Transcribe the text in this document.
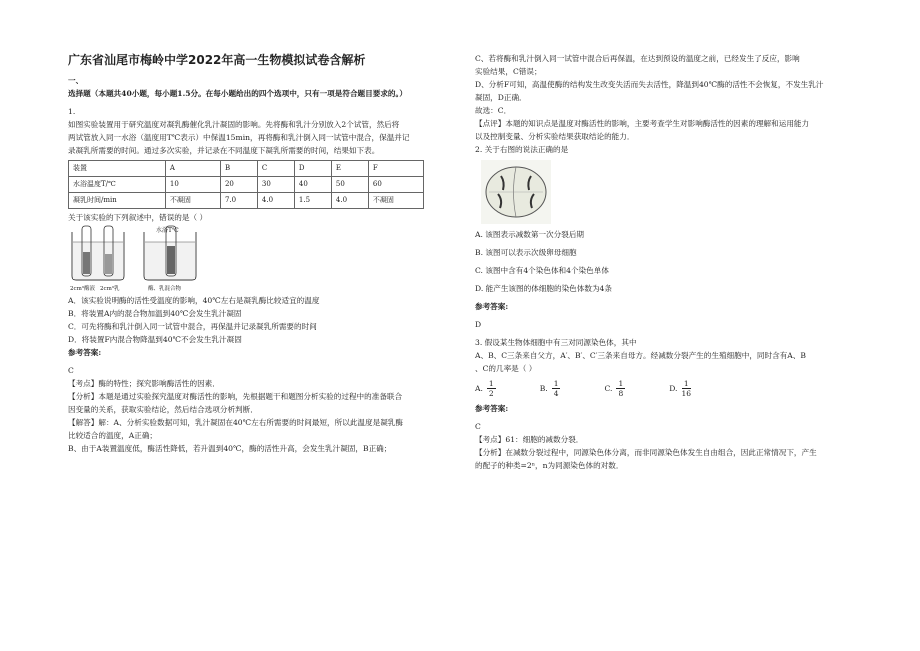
广东省汕尾市梅岭中学2022年高一生物模拟试卷含解析

一、

选择题（本题共40小题，每小题1.5分。在每小题给出的四个选项中，只有一项是符合题目要求的。）

1.

如图实验装置用于研究温度对凝乳酶催化乳汁凝固的影响。先将酶和乳汁分别放入2个试管，然后将

两试管放入同一水浴（温度用T℃表示）中保温15min，再将酶和乳汁倒入同一试管中混合，保温并记

录凝乳所需要的时间。通过多次实验，并记录在不同温度下凝乳所需要的时间，结果如下表。

装置	A	B	C	D	E	F
水浴温度T/℃	10	20	30	40	50	60
凝乳时间/min	不凝固	7.0	4.0	1.5	4.0	不凝固

关于该实验的下列叙述中，错误的是（ ）

水浴T℃
2cm³酶液 2cm³乳	酶、乳混合物

A．该实验说明酶的活性受温度的影响，40℃左右是凝乳酶比较适宜的温度

B．将装置A内的混合物加温到40℃会发生乳汁凝固

C．可先将酶和乳汁倒入同一试管中混合，再保温并记录凝乳所需要的时间

D．将装置F内混合物降温到40℃不会发生乳汁凝固

参考答案:

C

【考点】酶的特性；探究影响酶活性的因素．

【分析】本题是通过实验探究温度对酶活性的影响，先根据题干和题图分析实验的过程中的准备联合

因变量的关系，获取实验结论，然后结合选项分析判断．

【解答】解：A、分析实验数据可知，乳汁凝固在40℃左右所需要的时间最短，所以此温度是凝乳酶

比较适合的温度，A正确；

B、由于A装置温度低，酶活性降低，若升温到40℃，酶的活性升高，会发生乳汁凝固，B正确；

C、若将酶和乳汁倒入同一试管中混合后再保温，在达到预设的温度之前，已经发生了反应，影响

实验结果，C错误；

D、分析F可知，高温使酶的结构发生改变失活而失去活性，降温到40℃酶的活性不会恢复，不发生乳汁

凝固，D正确．

故选：C．

【点评】本题的知识点是温度对酶活性的影响，主要考查学生对影响酶活性的因素的理解和运用能力

以及控制变量、分析实验结果获取结论的能力．

2. 关于右图的说法正确的是

A. 该图表示减数第一次分裂后期

B. 该图可以表示次级卵母细胞

C. 该图中含有4个染色体和4个染色单体

D. 能产生该图的体细胞的染色体数为4条

参考答案:

D

3. 假设某生物体细胞中有三对同源染色体，其中

A、B、C三条来自父方，A′、B′、C′三条来自母方。经减数分裂产生的生殖细胞中，同时含有A、B

、C的几率是（ ）

A. $\frac{1}{2}$	B. $\frac{1}{4}$	C. $\frac{1}{8}$	D. $\frac{1}{16}$

参考答案:

C

【考点】61：细胞的减数分裂．

【分析】在减数分裂过程中，同源染色体分离，而非同源染色体发生自由组合，因此正常情况下，产生

的配子的种类=2ⁿ，n为同源染色体的对数．
